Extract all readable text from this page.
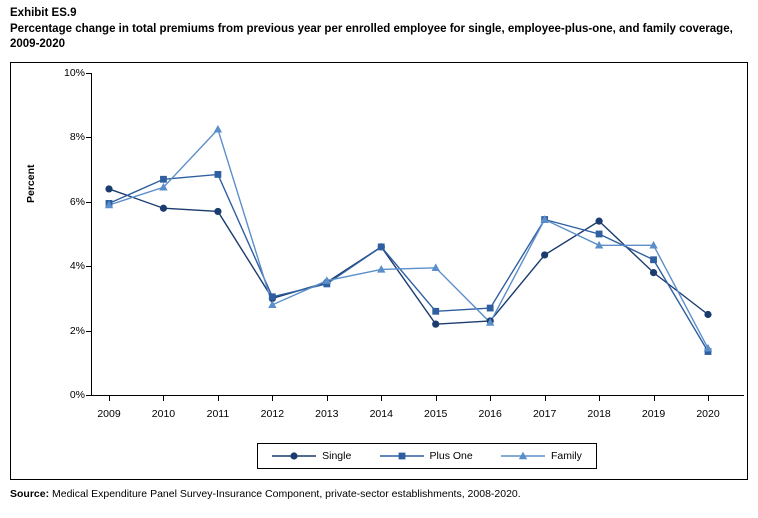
Exhibit ES.9
Percentage change in total premiums from previous year per enrolled employee for single, employee-plus-one, and family coverage, 2009-2020
Percent
0%
2%
4%
6%
8%
10%
2009	2010	2011	2012	2013	2014	2015	2016	2017	2018	2019	2020
Single	Plus One	Family
Source: Medical Expenditure Panel Survey-Insurance Component, private-sector establishments, 2008-2020.
